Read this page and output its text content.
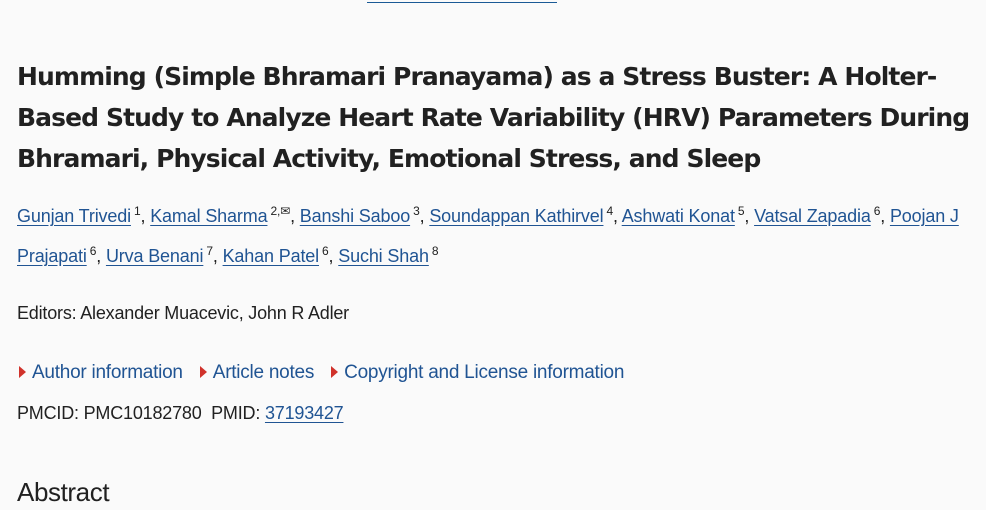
Humming (Simple Bhramari Pranayama) as a Stress Buster: A Holter-Based Study to Analyze Heart Rate Variability (HRV) Parameters During Bhramari, Physical Activity, Emotional Stress, and Sleep
Gunjan Trivedi $^1$, Kamal Sharma $^{2,✉}$, Banshi Saboo $^3$, Soundappan Kathirvel $^4$, Ashwati Konat $^5$, Vatsal Zapadia $^6$, Poojan J Prajapati $^6$, Urva Benani $^7$, Kahan Patel $^6$, Suchi Shah $^8$
Editors: Alexander Muacevic, John R Adler
Author information Article notes Copyright and License information
PMCID: PMC10182780 PMID: 37193427
Abstract
